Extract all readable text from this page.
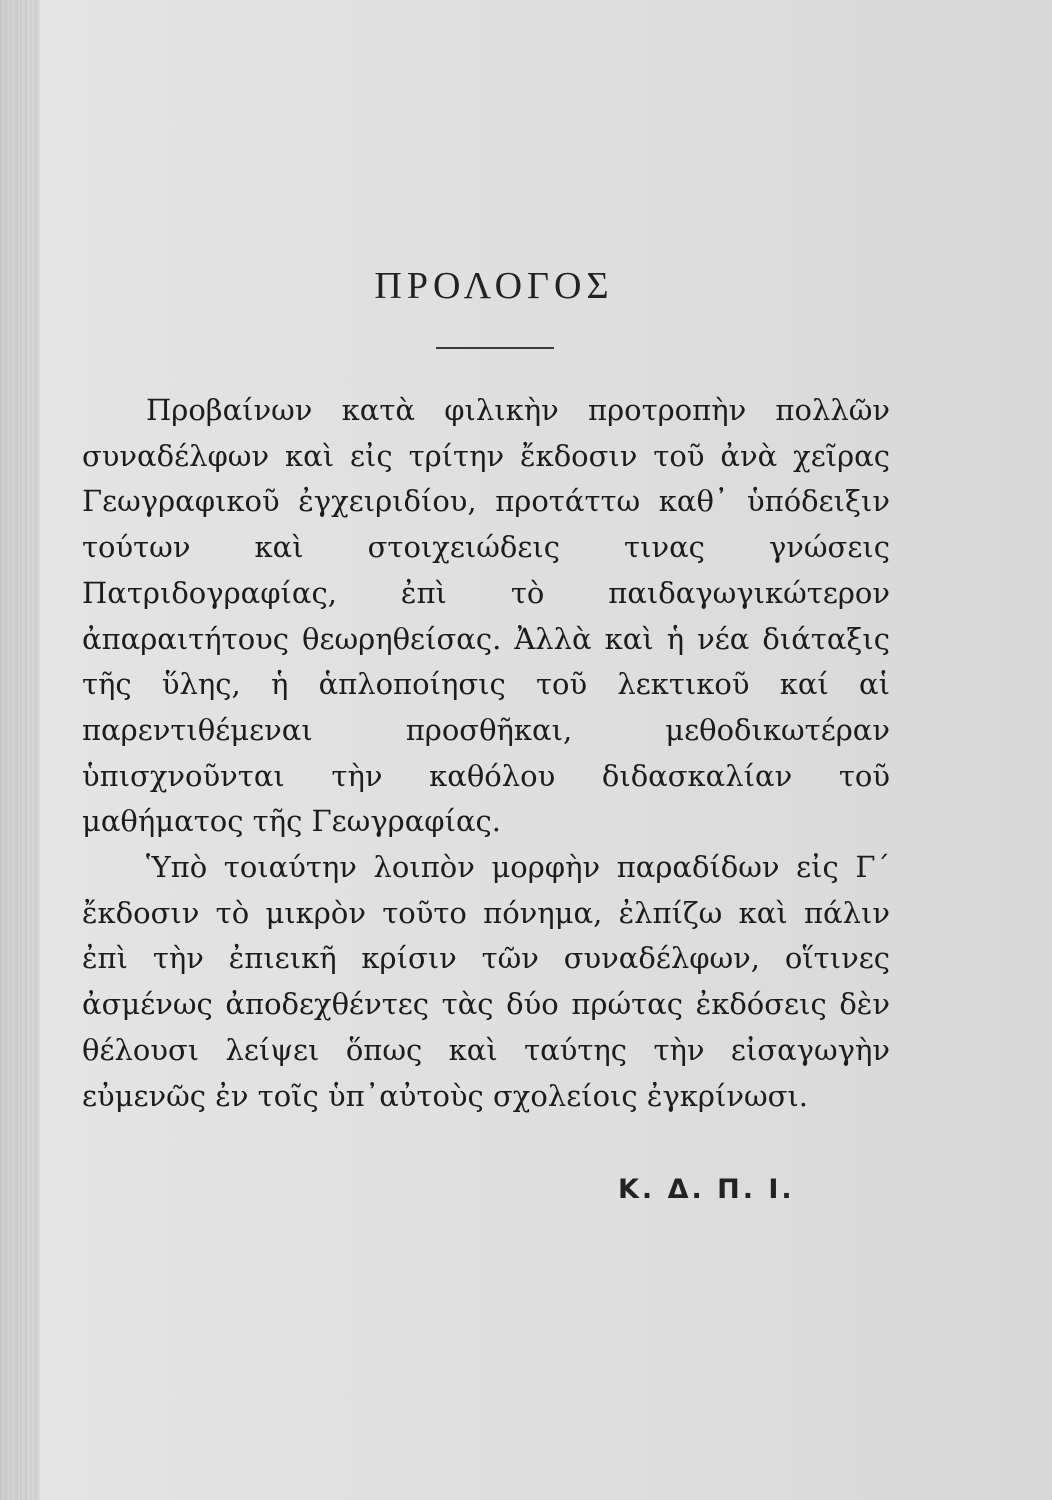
ΠΡΟΛΟΓΟΣ

Προβαίνων κατὰ φιλικὴν προτροπὴν πολλῶν συναδέλφων καὶ εἰς τρίτην ἔκδοσιν τοῦ ἀνὰ χεῖρας Γεωγραφικοῦ ἐγχειριδίου, προτάττω καθ᾽ ὑπόδειξιν τούτων καὶ στοιχειώδεις τινας γνώσεις Πατριδογραφίας, ἐπὶ τὸ παιδαγωγικώτερον ἀπαραιτήτους θεωρηθείσας. Ἀλλὰ καὶ ἡ νέα διάταξις τῆς ὕλης, ἡ ἁπλοποίησις τοῦ λεκτικοῦ καί αἱ παρεντιθέμεναι προσθῆκαι, μεθοδικωτέραν ὑπισχνοῦνται τὴν καθόλου διδασκαλίαν τοῦ μαθήματος τῆς Γεωγραφίας.

Ὑπὸ τοιαύτην λοιπὸν μορφὴν παραδίδων εἰς Γ´ ἔκδοσιν τὸ μικρὸν τοῦτο πόνημα, ἐλπίζω καὶ πάλιν ἐπὶ τὴν ἐπιεικῆ κρίσιν τῶν συναδέλφων, οἵτινες ἀσμένως ἀποδεχθέντες τὰς δύο πρώτας ἐκδόσεις δὲν θέλουσι λείψει ὅπως καὶ ταύτης τὴν εἰσαγωγὴν εὐμενῶς ἐν τοῖς ὑπ᾽αὐτοὺς σχολείοις ἐγκρίνωσι.

Κ. Δ. Π. Ι.
